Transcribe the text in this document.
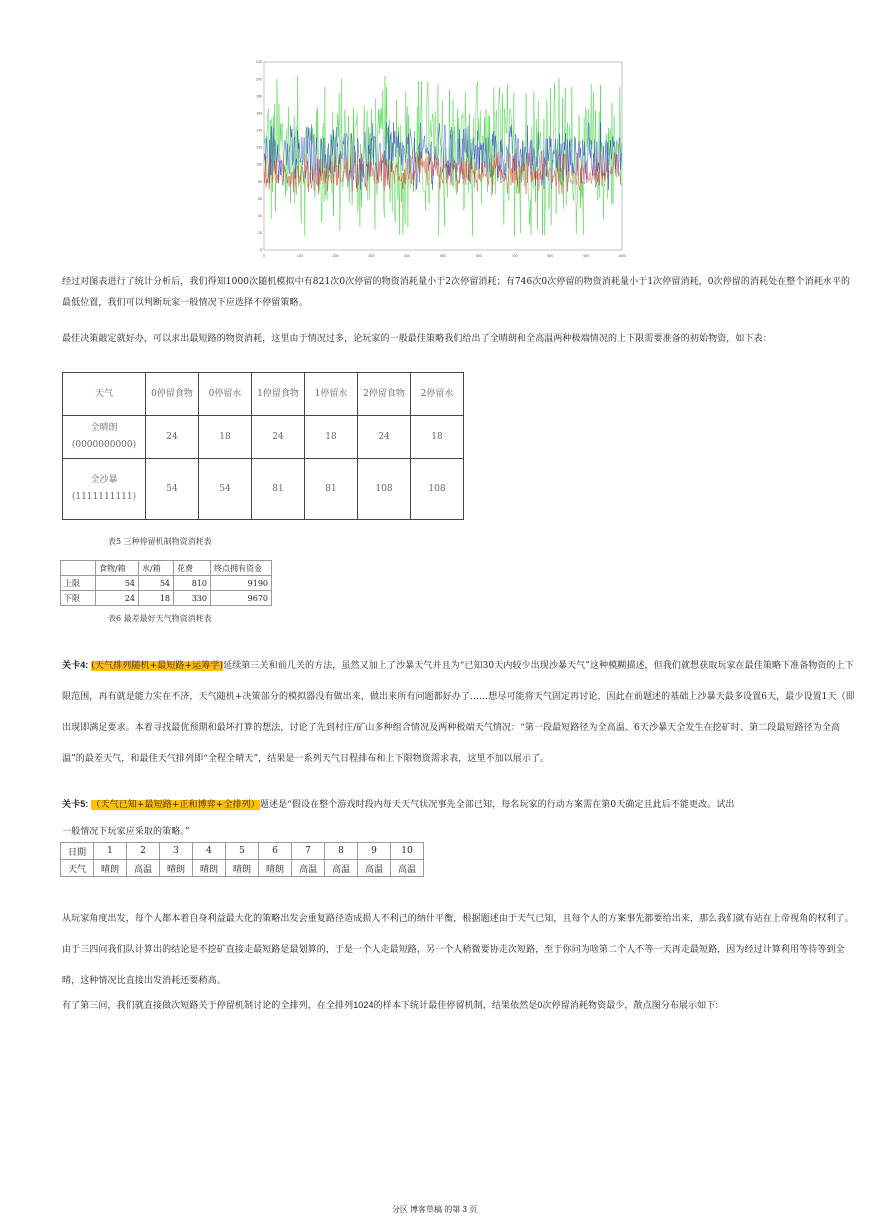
0	100	200	300	400	500	600	700	800	900	1000
0
20
40
60
80
100
120
140
160
180
200
220
经过对图表进行了统计分析后，我们得知1000次随机模拟中有821次0次停留的物资消耗量小于2次停留消耗；有746次0次停留的物资消耗量小于1次停留消耗，0次停留的消耗处在整个消耗水平的最低位置，我们可以判断玩家一般情况下应选择不停留策略。
最佳决策敲定就好办，可以求出最短路的物资消耗，这里由于情况过多，论玩家的一般最佳策略我们给出了全晴朗和全高温两种极端情况的上下限需要准备的初始物资，如下表：
天气	0停留食物	0停留水	1停留食物	1停留水	2停留食物	2停留水

全晴朗
(0000000000)	24	18	24	18	24	18

全沙暴
(1111111111)	54	54	81	81	108	108
表5 三种停留机制物资消耗表
	食物/箱	水/箱	花费	终点拥有资金
上限	54	54	810	9190
下限	24	18	330	9670
表6 最差最好天气物资消耗表
关卡4: (天气排列随机+最短路+运筹学)延续第三关和前几关的方法，虽然又加上了沙暴天气并且为“已知30天内较少出现沙暴天气”这种模糊描述，但我们就想获取玩家在最佳策略下准备物资的上下限范围，再有就是能力实在不济，天气随机+决策部分的模拟器没有做出来，做出来所有问题都好办了……想尽可能将天气固定再讨论，因此在前题述的基础上沙暴天最多设置6天，最少设置1天（即出现即满足要求。本着寻找最优预期和最坏打算的想法，讨论了先到村庄/矿山多种组合情况及两种极端天气情况：“第一段最短路径为全高温、6天沙暴天全发生在挖矿时、第二段最短路径为全高温”的最差天气，和最佳天气排列即“全程全晴天”，结果是一系列天气日程排布和上下限物资需求表，这里不加以展示了。
关卡5: （天气已知+最短路+正和博弈+全排列）题述是“假设在整个游戏时段内每天天气状况事先全部已知，每名玩家的行动方案需在第0天确定且此后不能更改。试出
一般情况下玩家应采取的策略。”
日期	1	2	3	4	5	6	7	8	9	10
天气	晴朗	高温	晴朗	晴朗	晴朗	晴朗	高温	高温	高温	高温
从玩家角度出发，每个人都本着自身利益最大化的策略出发会重复路径造成损人不利己的纳什平衡，根据题述由于天气已知，且每个人的方案事先都要给出来，那么我们就有站在上帝视角的权利了。由于三四问我们队计算出的结论是不挖矿直接走最短路是最划算的，于是一个人走最短路，另一个人稍微要协走次短路，至于你问为啥第二个人不等一天再走最短路，因为经过计算利用等待等到全晴，这种情况比直接出发消耗还要稍高。
有了第三问，我们就直接做次短路关于停留机制讨论的全排列，在全排列1024的样本下统计最佳停留机制，结果依然是0次停留消耗物资最少，散点图分布展示如下:
分区 博客草稿 的第 3 页
